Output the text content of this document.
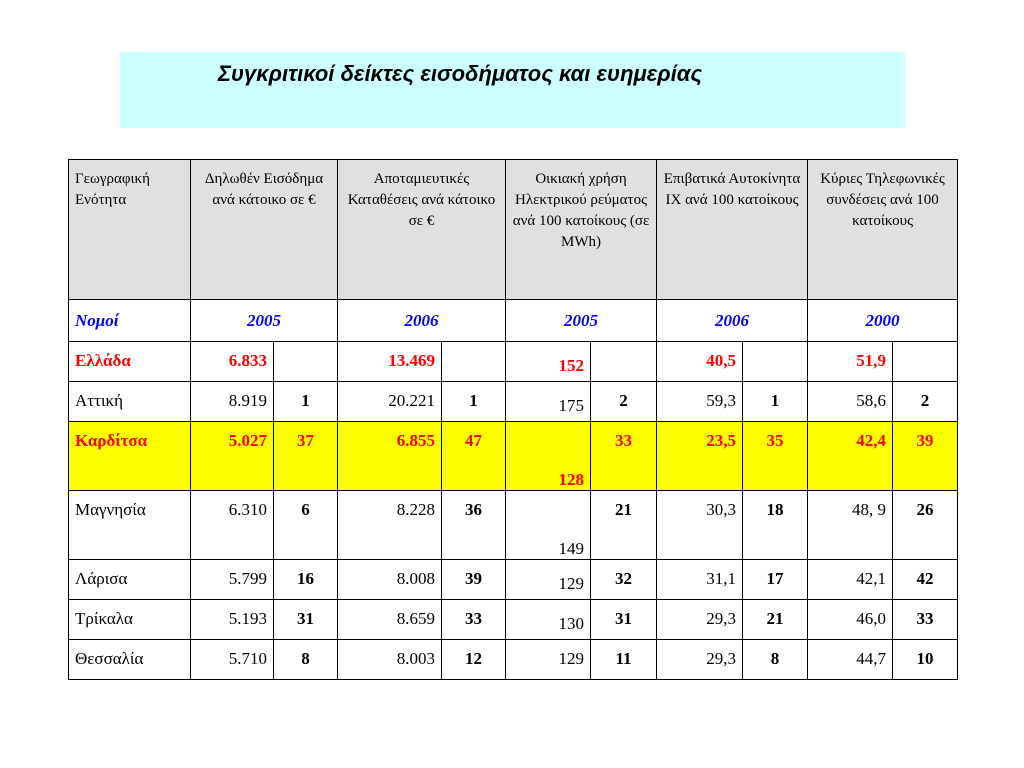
Συγκριτικοί δείκτες εισοδήματος και ευημερίας
Γεωγραφική Ενότητα	Δηλωθέν Εισόδημα ανά κάτοικο σε €		Αποταμιευτικές Καταθέσεις ανά κάτοικο σε €		Οικιακή χρήση Ηλεκτρικού ρεύματος ανά 100 κατοίκους (σε MWh)		Επιβατικά Αυτοκίνητα ΙΧ ανά 100 κατοίκους		Κύριες Τηλεφωνικές συνδέσεις ανά 100 κατοίκους	
Νομοί	2005		2006		2005		2006		2000	
Ελλάδα	6.833		13.469		152		40,5		51,9	
Αττική	8.919	1	20.221	1	175	2	59,3	1	58,6	2
Καρδίτσα	5.027	37	6.855	47	128	33	23,5	35	42,4	39
Μαγνησία	6.310	6	8.228	36	149	21	30,3	18	48, 9	26
Λάρισα	5.799	16	8.008	39	129	32	31,1	17	42,1	42
Τρίκαλα	5.193	31	8.659	33	130	31	29,3	21	46,0	33
Θεσσαλία	5.710	8	8.003	12	129	11	29,3	8	44,7	10
